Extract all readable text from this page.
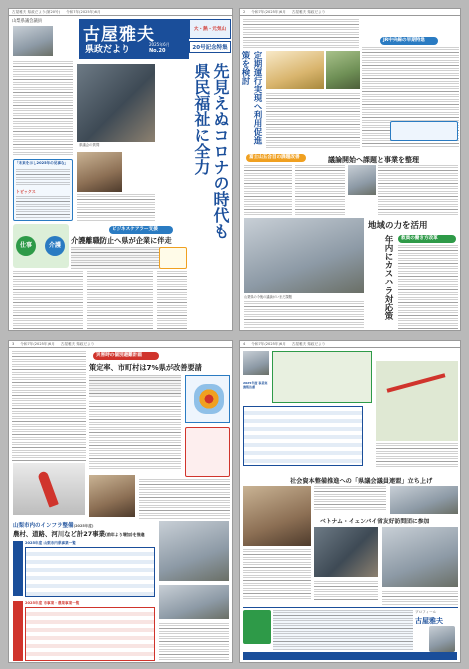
古屋雅夫 県政だより(第20号) 令和7年(2025年)6月
山梨県議会議員
古屋雅夫
県政だより
2025年6月
No.20
大・熱・元気山
20号記念特集
県議会の質問	先見えぬコロナの時代も県民福祉に全力
「未来を示し2025年の見事な」
トピックス
ビジネスケアラー支援
仕事	介護
介護離職防止へ県が企業に伴走
2 令和7年(2025年)6月 古屋雅夫 県政だより
定期運行実現へ利用促進策を検討
JR中央線の早期特急
富士山五合目の課題改善	議論開始へ課題と事業を整理
山梨県の今後の議論がいまだ課題
地域の力を活用
救員の働き方改革
年内にカスハラ対応策
3 令和7年(2025年)6月 古屋雅夫 県政だより
災害時の個別避難計画
策定率、市町村は7%県が改善要請
山梨市内のインフラ整備(2025年度)
農村、道路、河川など計27事業(前年より増加)を推進
2025年度 山梨市内県事業一覧
2025年度 市事業・農業事業一覧
4 令和7年(2025年)6月 古屋雅夫 県政だより
2025年度 事業実施報告書
社会資本整備推進への「県議会議員連盟」立ち上げ
ベトナム・イェンバイ省友好訪問団に参加
プロフィール
古屋雅夫
